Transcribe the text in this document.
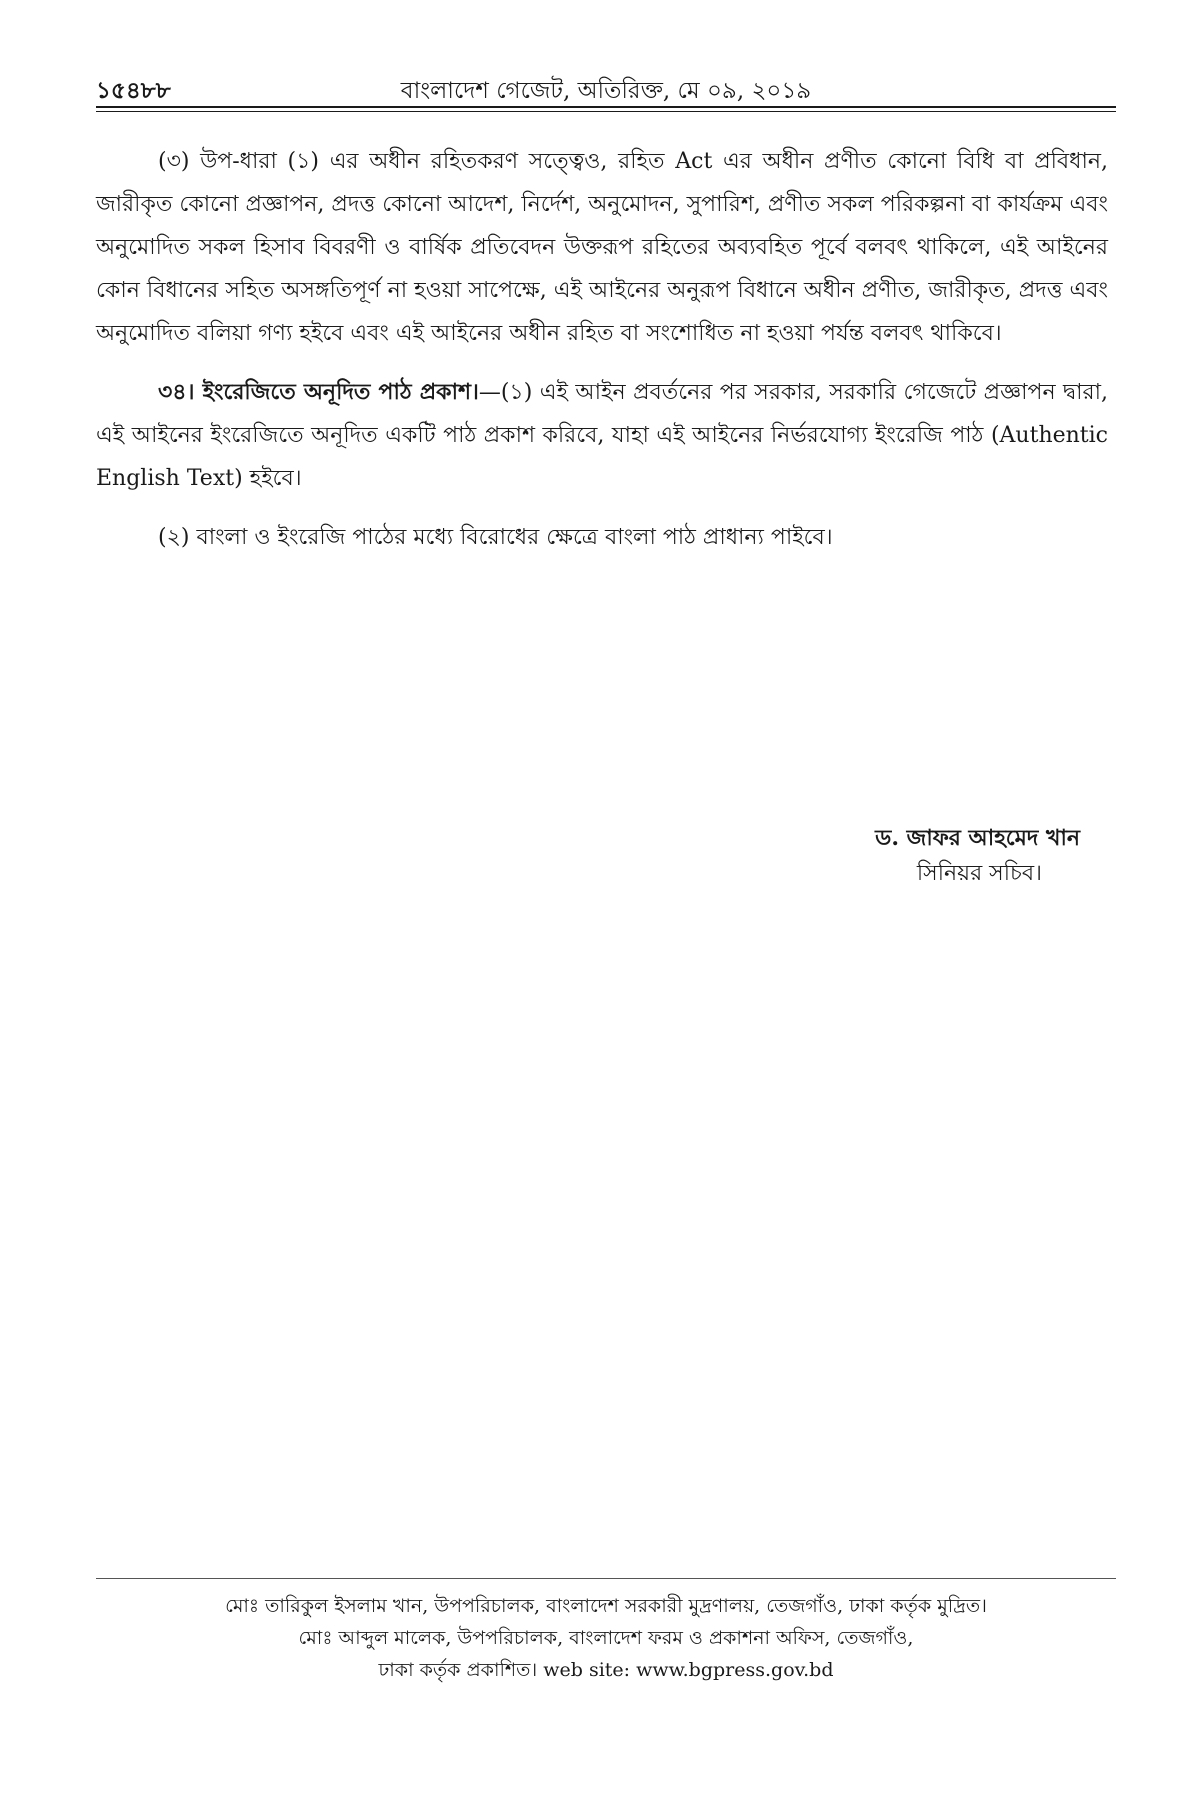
১৫৪৮৮	বাংলাদেশ গেজেট, অতিরিক্ত, মে ০৯, ২০১৯

(৩) উপ-ধারা (১) এর অধীন রহিতকরণ সত্ত্বেও, রহিত Act এর অধীন প্রণীত কোনো বিধি বা প্রবিধান, জারীকৃত কোনো প্রজ্ঞাপন, প্রদত্ত কোনো আদেশ, নির্দেশ, অনুমোদন, সুপারিশ, প্রণীত সকল পরিকল্পনা বা কার্যক্রম এবং অনুমোদিত সকল হিসাব বিবরণী ও বার্ষিক প্রতিবেদন উক্তরূপ রহিতের অব্যবহিত পূর্বে বলবৎ থাকিলে, এই আইনের কোন বিধানের সহিত অসঙ্গতিপূর্ণ না হওয়া সাপেক্ষে, এই আইনের অনুরূপ বিধানে অধীন প্রণীত, জারীকৃত, প্রদত্ত এবং অনুমোদিত বলিয়া গণ্য হইবে এবং এই আইনের অধীন রহিত বা সংশোধিত না হওয়া পর্যন্ত বলবৎ থাকিবে।

৩৪। ইংরেজিতে অনূদিত পাঠ প্রকাশ।—(১) এই আইন প্রবর্তনের পর সরকার, সরকারি গেজেটে প্রজ্ঞাপন দ্বারা, এই আইনের ইংরেজিতে অনূদিত একটি পাঠ প্রকাশ করিবে, যাহা এই আইনের নির্ভরযোগ্য ইংরেজি পাঠ (Authentic English Text) হইবে।

(২) বাংলা ও ইংরেজি পাঠের মধ্যে বিরোধের ক্ষেত্রে বাংলা পাঠ প্রাধান্য পাইবে।

ড. জাফর আহমেদ খান
সিনিয়র সচিব।
মোঃ তারিকুল ইসলাম খান, উপপরিচালক, বাংলাদেশ সরকারী মুদ্রণালয়, তেজগাঁও, ঢাকা কর্তৃক মুদ্রিত।
মোঃ আব্দুল মালেক, উপপরিচালক, বাংলাদেশ ফরম ও প্রকাশনা অফিস, তেজগাঁও,
ঢাকা কর্তৃক প্রকাশিত। web site: www.bgpress.gov.bd
